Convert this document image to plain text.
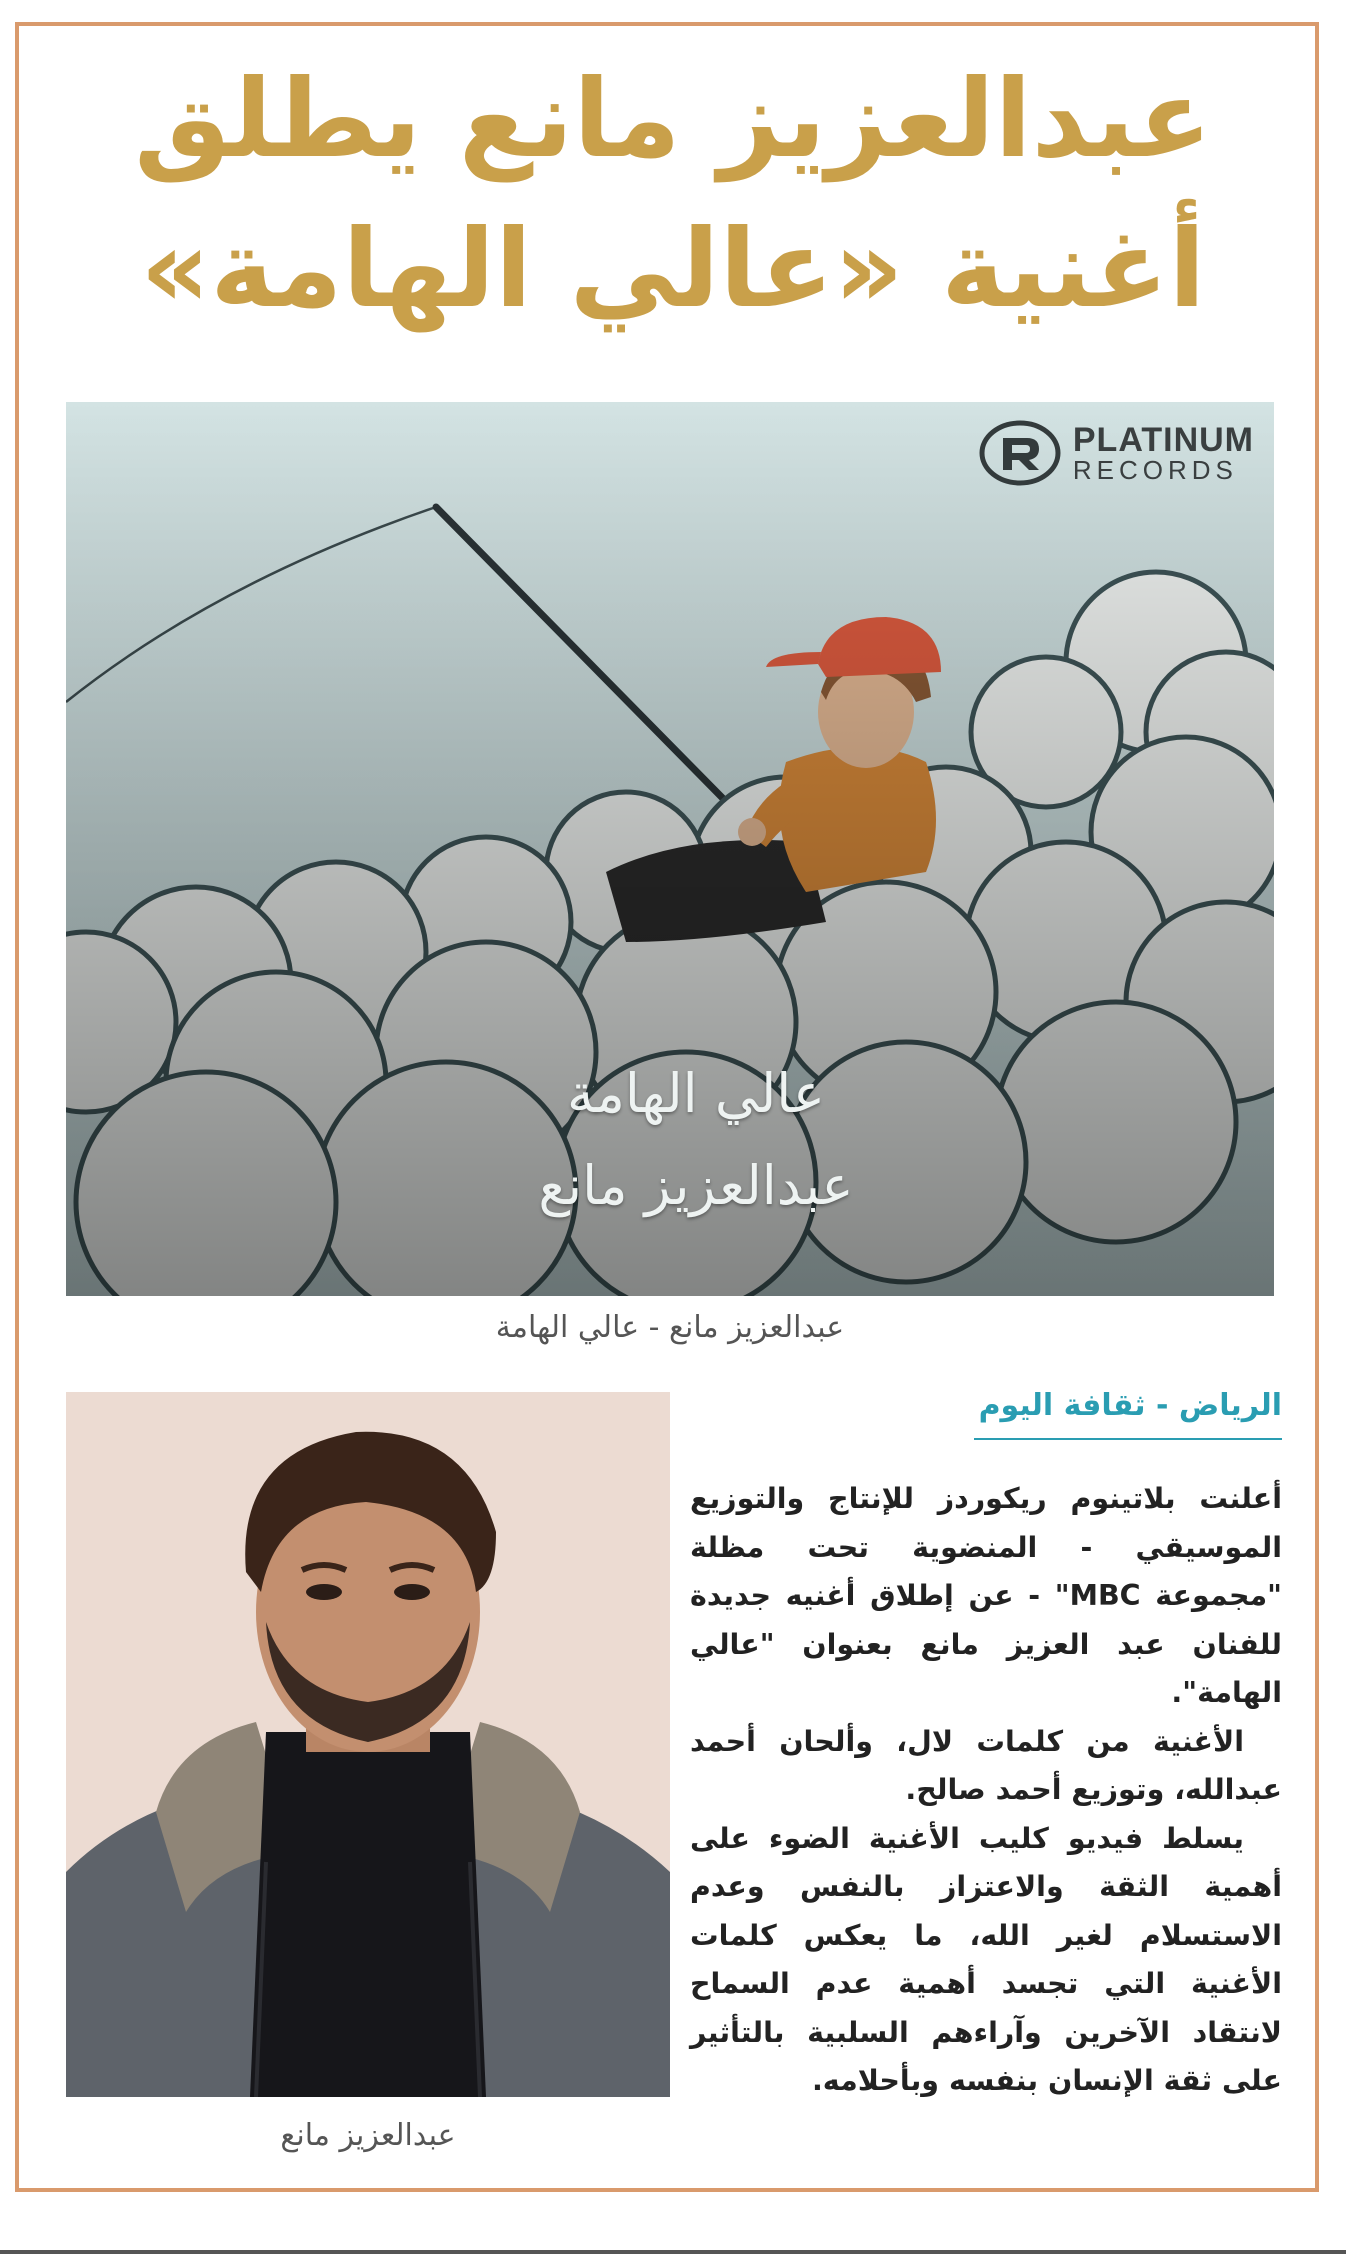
عبدالعزيز مانع يطلق
أغنية «عالي الهامة»
PLATINUM
RECORDS
عالي الهامة
عبدالعزيز مانع
عبدالعزيز مانع - عالي الهامة
عبدالعزيز مانع
الرياض - ثقافة اليوم

أعلنت بلاتينوم ريكوردز للإنتاج والتوزيع الموسيقي - المنضوية تحت مظلة "مجموعة MBC" - عن إطلاق أغنيه جديدة للفنان عبد العزيز مانع بعنوان "عالي الهامة".

الأغنية من كلمات لال، وألحان أحمد عبدالله، وتوزيع أحمد صالح.

يسلط فيديو كليب الأغنية الضوء على أهمية الثقة والاعتزاز بالنفس وعدم الاستسلام لغير الله، ما يعكس كلمات الأغنية التي تجسد أهمية عدم السماح لانتقاد الآخرين وآراءهم السلبية بالتأثير على ثقة الإنسان بنفسه وبأحلامه.
